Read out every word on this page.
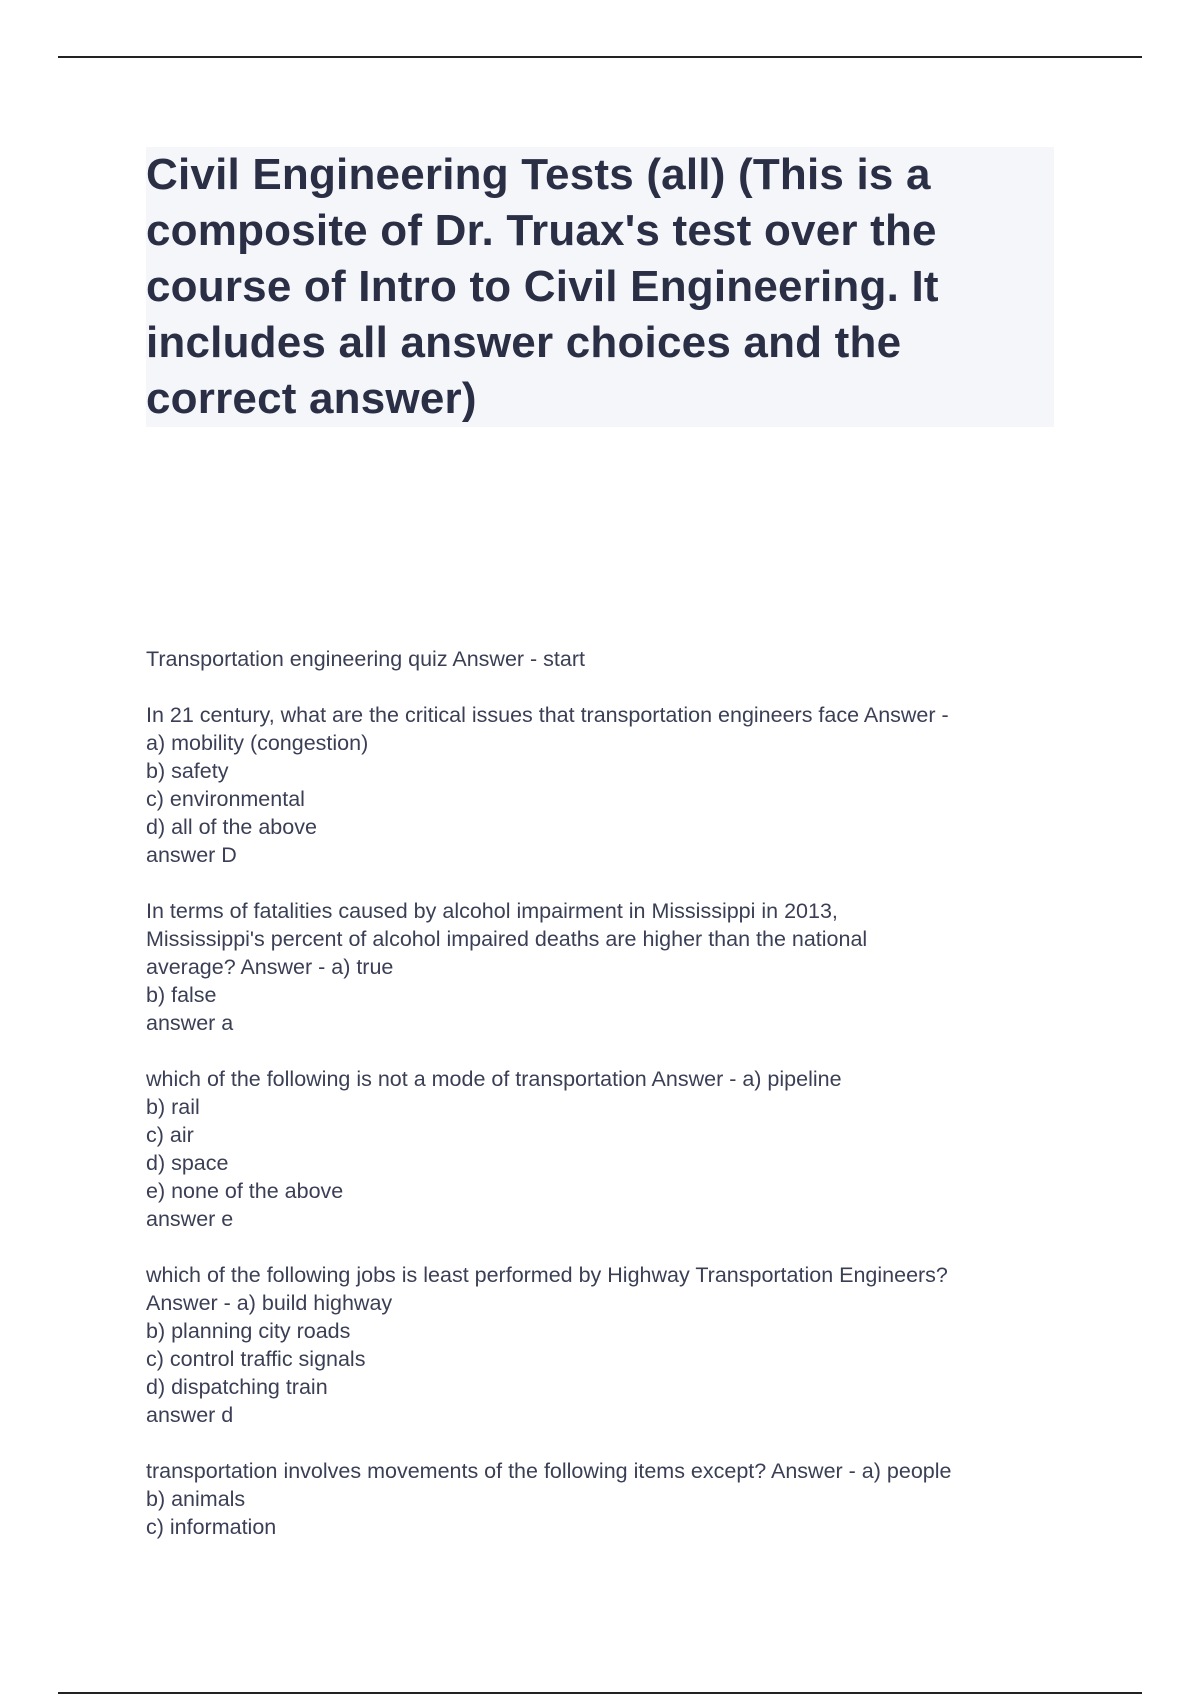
Civil Engineering Tests (all) (This is a composite of Dr. Truax's test over the course of Intro to Civil Engineering. It includes all answer choices and the correct answer)

Transportation engineering quiz Answer - start

In 21 century, what are the critical issues that transportation engineers face Answer -
a) mobility (congestion)
b) safety
c) environmental
d) all of the above
answer D
In terms of fatalities caused by alcohol impairment in Mississippi in 2013,
Mississippi's percent of alcohol impaired deaths are higher than the national
average? Answer - a) true
b) false
answer a
which of the following is not a mode of transportation Answer - a) pipeline
b) rail
c) air
d) space
e) none of the above
answer e
which of the following jobs is least performed by Highway Transportation Engineers?
Answer - a) build highway
b) planning city roads
c) control traffic signals
d) dispatching train
answer d
transportation involves movements of the following items except? Answer - a) people
b) animals
c) information
